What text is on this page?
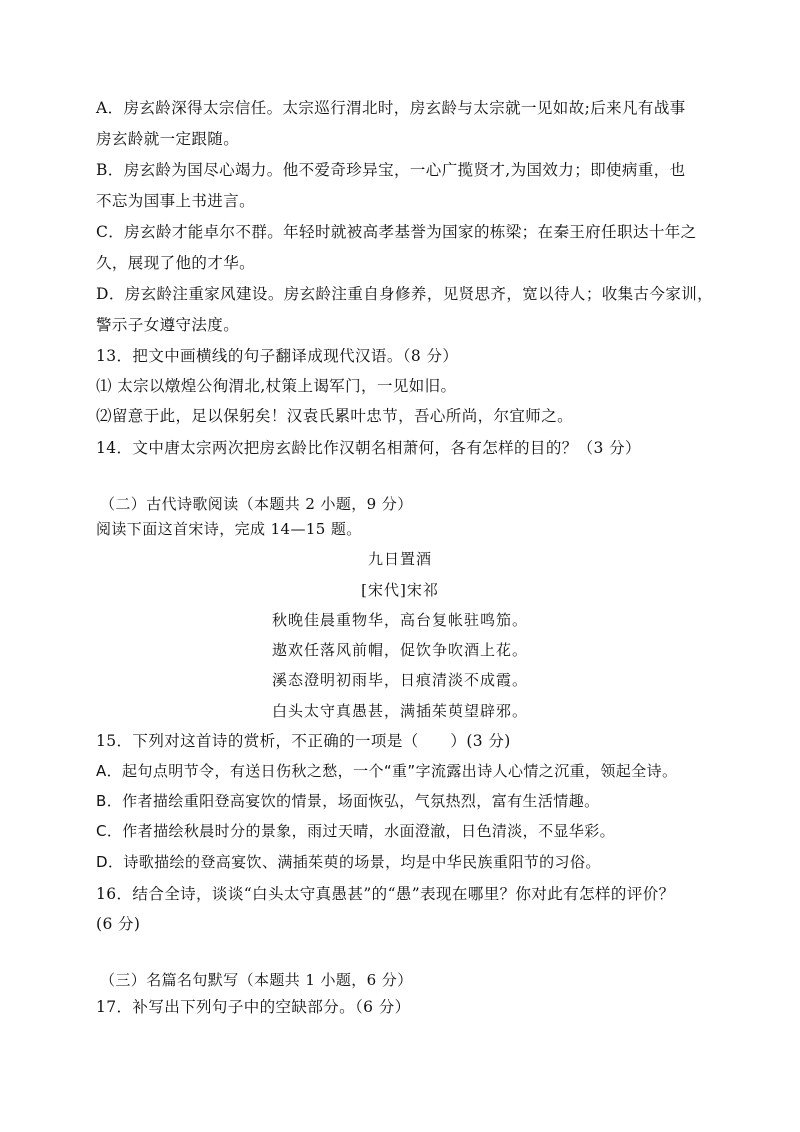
A．房玄龄深得太宗信任。太宗巡行渭北时，房玄龄与太宗就一见如故;后来凡有战事
房玄龄就一定跟随。
B．房玄龄为国尽心竭力。他不爱奇珍异宝，一心广揽贤才,为国效力；即使病重，也
不忘为国事上书进言。
C．房玄龄才能卓尔不群。年轻时就被高孝基誉为国家的栋梁；在秦王府任职达十年之
久，展现了他的才华。
D．房玄龄注重家风建设。房玄龄注重自身修养，见贤思齐，宽以待人；收集古今家训，
警示子女遵守法度。
13．把文中画横线的句子翻译成现代汉语。（8 分）
⑴ 太宗以燉煌公徇渭北,杖策上谒军门，一见如旧。
⑵留意于此，足以保躬矣！汉袁氏累叶忠节，吾心所尚，尔宜师之。
14．文中唐太宗两次把房玄龄比作汉朝名相萧何，各有怎样的目的？（3 分）
（二）古代诗歌阅读（本题共 2 小题，9 分）
阅读下面这首宋诗，完成 14—15 题。
九日置酒
[宋代]宋祁
秋晚佳晨重物华，高台复帐驻鸣笳。
遨欢任落风前帽，促饮争吹酒上花。
溪态澄明初雨毕，日痕清淡不成霞。
白头太守真愚甚，满插茱萸望辟邪。
15．下列对这首诗的赏析，不正确的一项是（　　）(3 分)
A．起句点明节令，有送日伤秋之愁，一个“重”字流露出诗人心情之沉重，领起全诗。
B．作者描绘重阳登高宴饮的情景，场面恢弘，气氛热烈，富有生活情趣。
C．作者描绘秋晨时分的景象，雨过天晴，水面澄澈，日色清淡，不显华彩。
D．诗歌描绘的登高宴饮、满插茱萸的场景，均是中华民族重阳节的习俗。
16．结合全诗，谈谈“白头太守真愚甚”的“愚”表现在哪里？你对此有怎样的评价？
(6 分)
（三）名篇名句默写（本题共 1 小题，6 分）
17．补写出下列句子中的空缺部分。（6 分）
